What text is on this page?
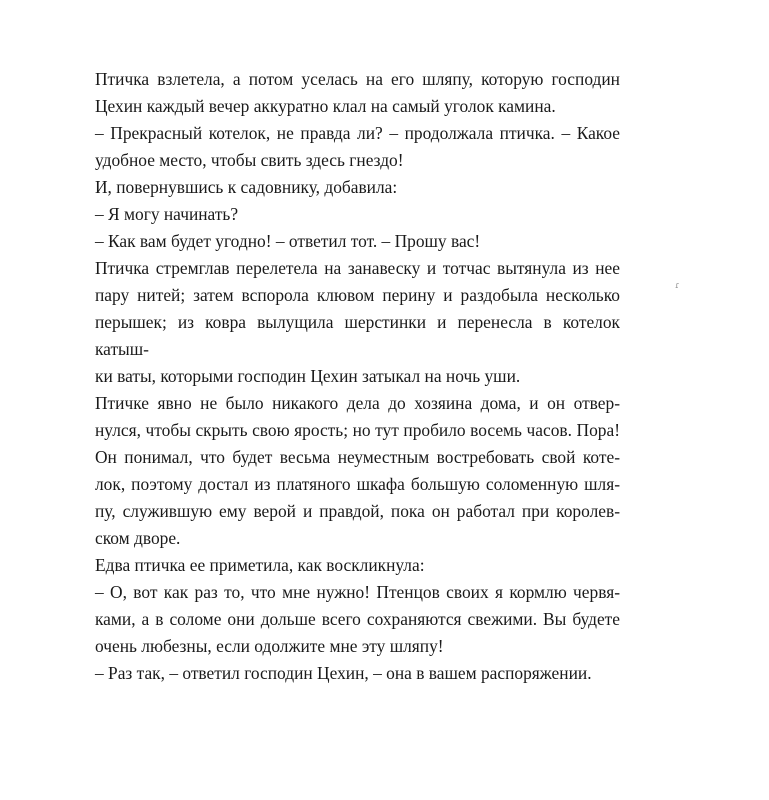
Птичка взлетела, а потом уселась на его шляпу, которую господин
Цехин каждый вечер аккуратно клал на самый уголок камина.
– Прекрасный котелок, не правда ли? – продолжала птичка. – Какое
удобное место, чтобы свить здесь гнездо!
И, повернувшись к садовнику, добавила:
– Я могу начинать?
– Как вам будет угодно! – ответил тот. – Прошу вас!
Птичка стремглав перелетела на занавеску и тотчас вытянула из нее
пару нитей; затем вспорола клювом перину и раздобыла несколько
перышек; из ковра вылущила шерстинки и перенесла в котелок катыш-
ки ваты, которыми господин Цехин затыкал на ночь уши.
Птичке явно не было никакого дела до хозяина дома, и он отвер-
нулся, чтобы скрыть свою ярость; но тут пробило восемь часов. Пора!
Он понимал, что будет весьма неуместным востребовать свой коте-
лок, поэтому достал из платяного шкафа большую соломенную шля-
пу, служившую ему верой и правдой, пока он работал при королев-
ском дворе.
Едва птичка ее приметила, как воскликнула:
– О, вот как раз то, что мне нужно! Птенцов своих я кормлю червя-
ками, а в соломе они дольше всего сохраняются свежими. Вы будете
очень любезны, если одолжите мне эту шляпу!
– Раз так, – ответил господин Цехин, – она в вашем распоряжении.
ɾ
